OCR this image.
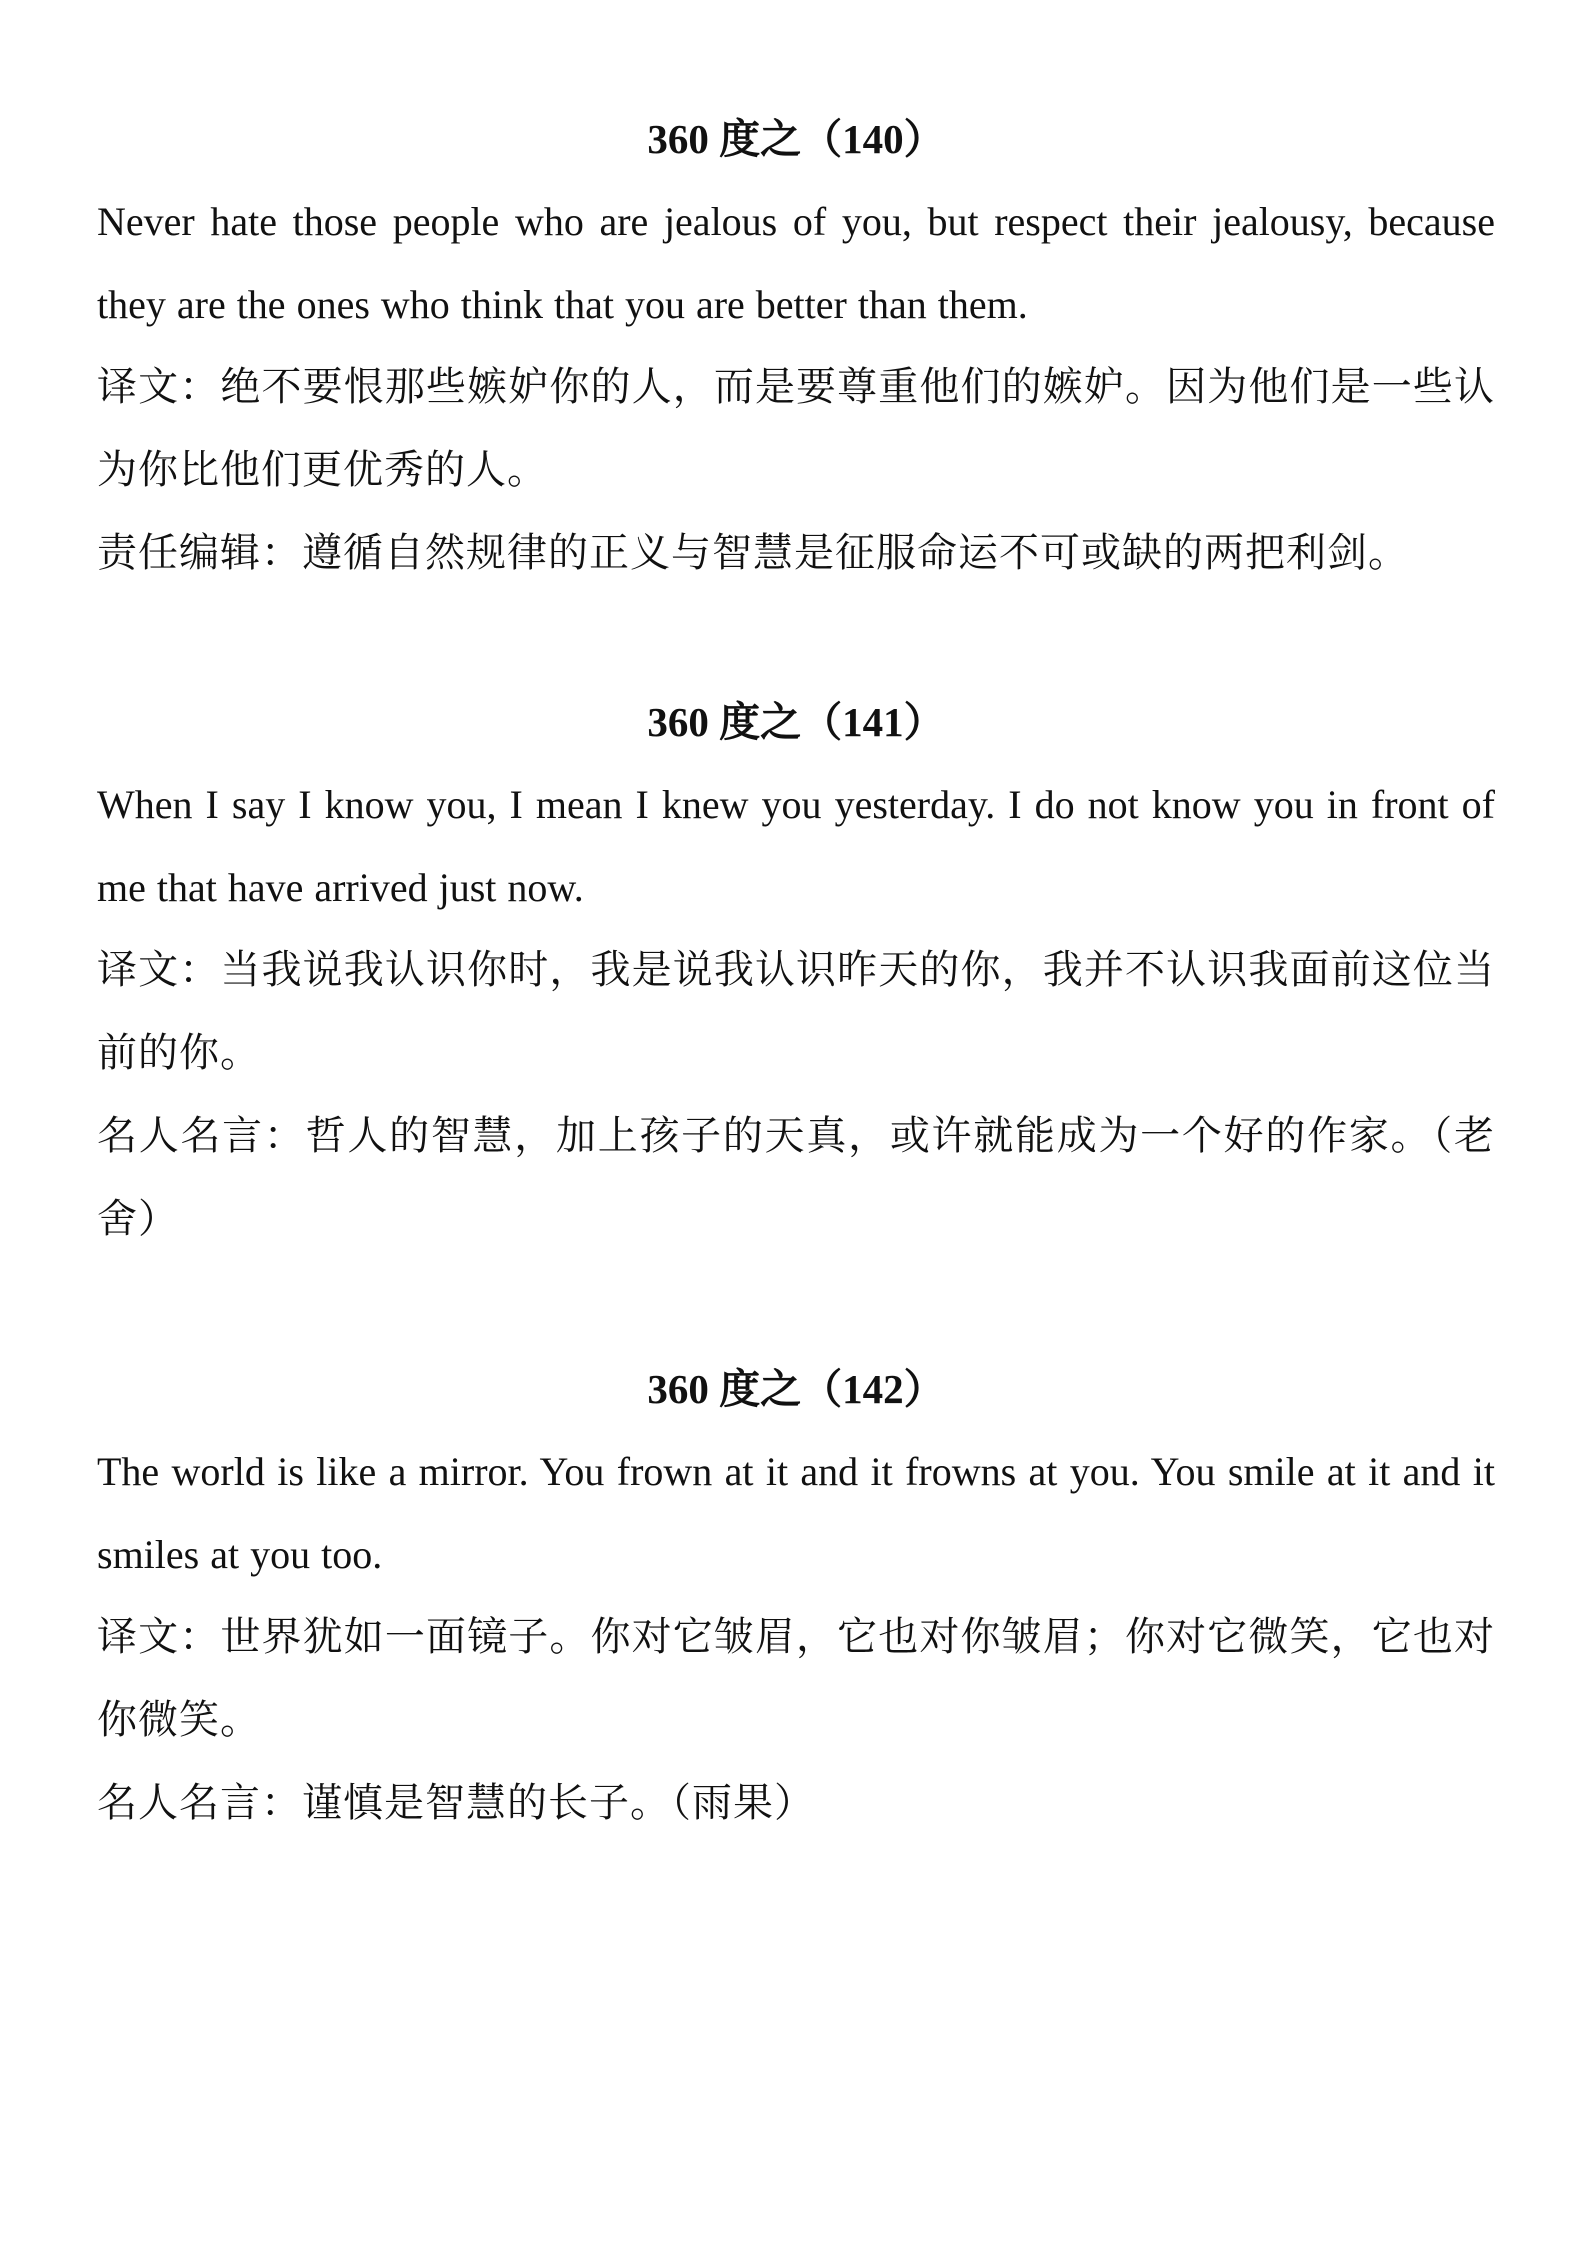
360 度之（140）

Never hate those people who are jealous of you, but respect their jealousy, because they are the ones who think that you are better than them.

译文：绝不要恨那些嫉妒你的人，而是要尊重他们的嫉妒。因为他们是一些认为你比他们更优秀的人。

责任编辑：遵循自然规律的正义与智慧是征服命运不可或缺的两把利剑。

360 度之（141）

When I say I know you, I mean I knew you yesterday. I do not know you in front of me that have arrived just now.

译文：当我说我认识你时，我是说我认识昨天的你，我并不认识我面前这位当前的你。

名人名言：哲人的智慧，加上孩子的天真，或许就能成为一个好的作家。（老舍）

360 度之（142）

The world is like a mirror. You frown at it and it frowns at you. You smile at it and it smiles at you too.

译文：世界犹如一面镜子。你对它皱眉，它也对你皱眉；你对它微笑，它也对你微笑。

名人名言：谨慎是智慧的长子。（雨果）
